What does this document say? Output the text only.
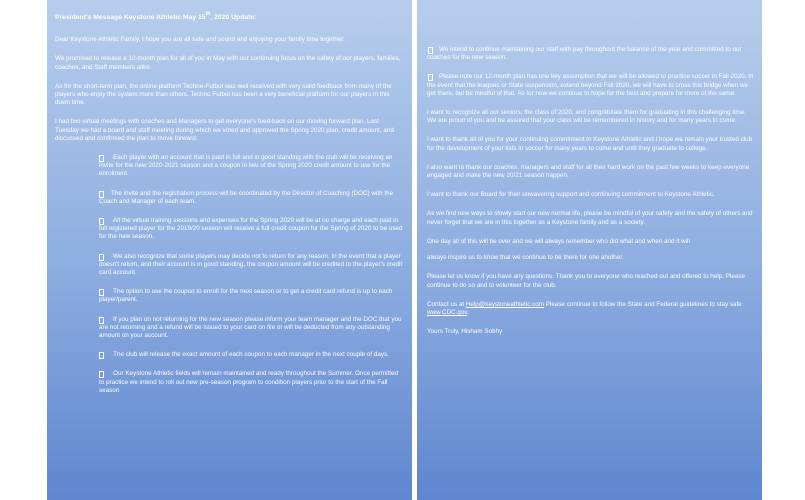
President's Message Keystone Athletic May 15th, 2020 Update:

Dear Keystone Athletic Family, I hope you are all safe and sound and enjoying your family time together.

We promised to release a 12-month plan for all of you in May with our continuing focus on the safety of our players, families, coaches, and Staff members alike.

As for the short-term plan, the online platform Techne-Futbol was well received with very solid feedback from many of the players who enjoy the system more than others. Techno Futbol has been a very beneficial platform for our players in this down time.

I had two virtual meetings with coaches and Managers to get everyone's feed-back on our moving forward plan. Last Tuesday we had a board and staff meeting during which we voted and approved the Spring 2020 plan, credit amount, and discussed and confirmed the plan to move forward.

·Each player with an account that is paid in full and in good standing with the club will be receiving an invite for the new 2020-2021 season and a coupon in lieu of the Spring 2020 credit amount to use for the enrolment.
The invite and the registration process will be coordinated by the Director of Coaching (DOC) with the Coach and Manager of each team.
·All the virtual training sessions and expenses for the Spring 2020 will be at no charge and each paid in full registered player for the 2019/20 season will receive a full credit coupon for the Spring of 2020 to be used for the new season.
·We also recognize that some players may decide not to return for any reason. In the event that a player doesn't return, and their account is in good standing, the coupon amount will be credited to the player's credit card account.
·The option to use the coupon to enroll for the next season or to get a credit card refund is up to each player/parent.
·If you plan on not returning for the new season please inform your team manager and the DOC that you are not returning and a refund will be issued to your card on file or will be deducted from any outstanding amount on your account.
·The club will release the exact amount of each coupon to each manager in the next couple of days.
·Our Keystone Athletic fields will remain maintained and ready throughout the Summer. Once permitted to practice we intend to roll out new pre-season program to condition players prior to the start of the Fall season
We intend to continue maintaining our staff with pay throughout the balance of the year and committed to our coaches for the new season.
Please note our 12-month plan has one key assumption that we will be allowed to practice soccer in Fall 2020. In the event that the leagues or State suspension, extend beyond Fall 2020, we will have to cross this bridge when we get there, but be mindful of that. As for now we continue to hope for the best and prepare for more of the same.

I want to recognize all our seniors, the class of 2020, and congratulate them for graduating in this challenging time. We are proud of you and be assured that your class will be remembered in history and for many years to come.

I want to thank all of you for your continuing commitment to Keystone Athletic and I hope we remain your trusted club for the development of your kids in soccer for many years to come and until they graduate to college.

I also want to thank our coaches, managers and staff for all their hard work on the past few weeks to keep everyone engaged and make the new 20/21 season happen.

I want to thank our Board for their unwavering support and continuing commitment to Keystone Athletic.

As we find new ways to slowly start our new normal life, please be mindful of your safety and the safety of others and never forget that we are in this together as a Keystone family and as a society.

One day all of this will be over and we will always remember who did what and when and it will

always inspire us to know that we continue to be there for one another.

Please let us know if you have any questions. Thank you to everyone who reached out and offered to help. Please continue to do so and to volunteer for the club.

Contact us at Help@keystoneathletic.com Please continue to follow the State and Federal guidelines to stay safe www.CDC.gov.

Yours Truly, Hisham Sobhy
